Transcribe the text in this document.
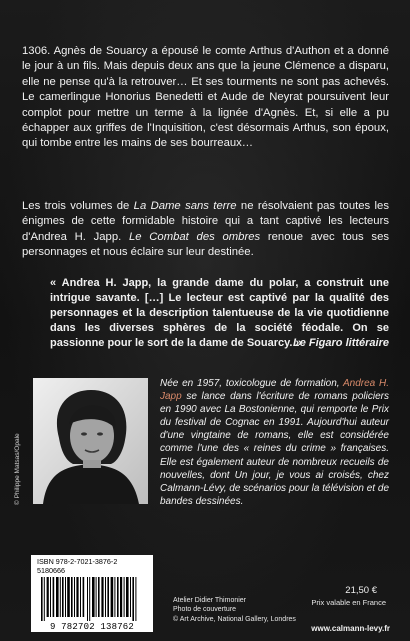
1306. Agnès de Souarcy a épousé le comte Arthus d'Authon et a donné le jour à un fils. Mais depuis deux ans que la jeune Clémence a disparu, elle ne pense qu'à la retrouver… Et ses tourments ne sont pas achevés. Le camerlingue Honorius Benedetti et Aude de Neyrat poursuivent leur complot pour mettre un terme à la lignée d'Agnès. Et, si elle a pu échapper aux griffes de l'Inquisition, c'est désormais Arthus, son époux, qui tombe entre les mains de ses bourreaux…

Les trois volumes de La Dame sans terre ne résolvaient pas toutes les énigmes de cette formidable histoire qui a tant captivé les lecteurs d'Andrea H. Japp. Le Combat des ombres renoue avec tous ses personnages et nous éclaire sur leur destinée.

« Andrea H. Japp, la grande dame du polar, a construit une intrigue savante. […] Le lecteur est captivé par la qualité des personnages et la description talentueuse de la vie quotidienne dans les diverses sphères de la société féodale. On se passionne pour le sort de la dame de Souarcy. »

Le Figaro littéraire
© Philippe Matsas/Opale

Née en 1957, toxicologue de formation, Andrea H. Japp se lance dans l'écriture de romans policiers en 1990 avec La Bostonienne, qui remporte le Prix du festival de Cognac en 1991. Aujourd'hui auteur d'une vingtaine de romans, elle est considérée comme l'une des « reines du crime » françaises. Elle est également auteur de nombreux recueils de nouvelles, dont Un jour, je vous ai croisés, chez Calmann-Lévy, de scénarios pour la télévision et de bandes dessinées.

ISBN 978-2-7021-3876-2
5180666
9 782702 138762
Atelier Didier Thimonier
Photo de couverture
© Art Archive, National Gallery, Londres
21,50 €
Prix valable en France
www.calmann-levy.fr
